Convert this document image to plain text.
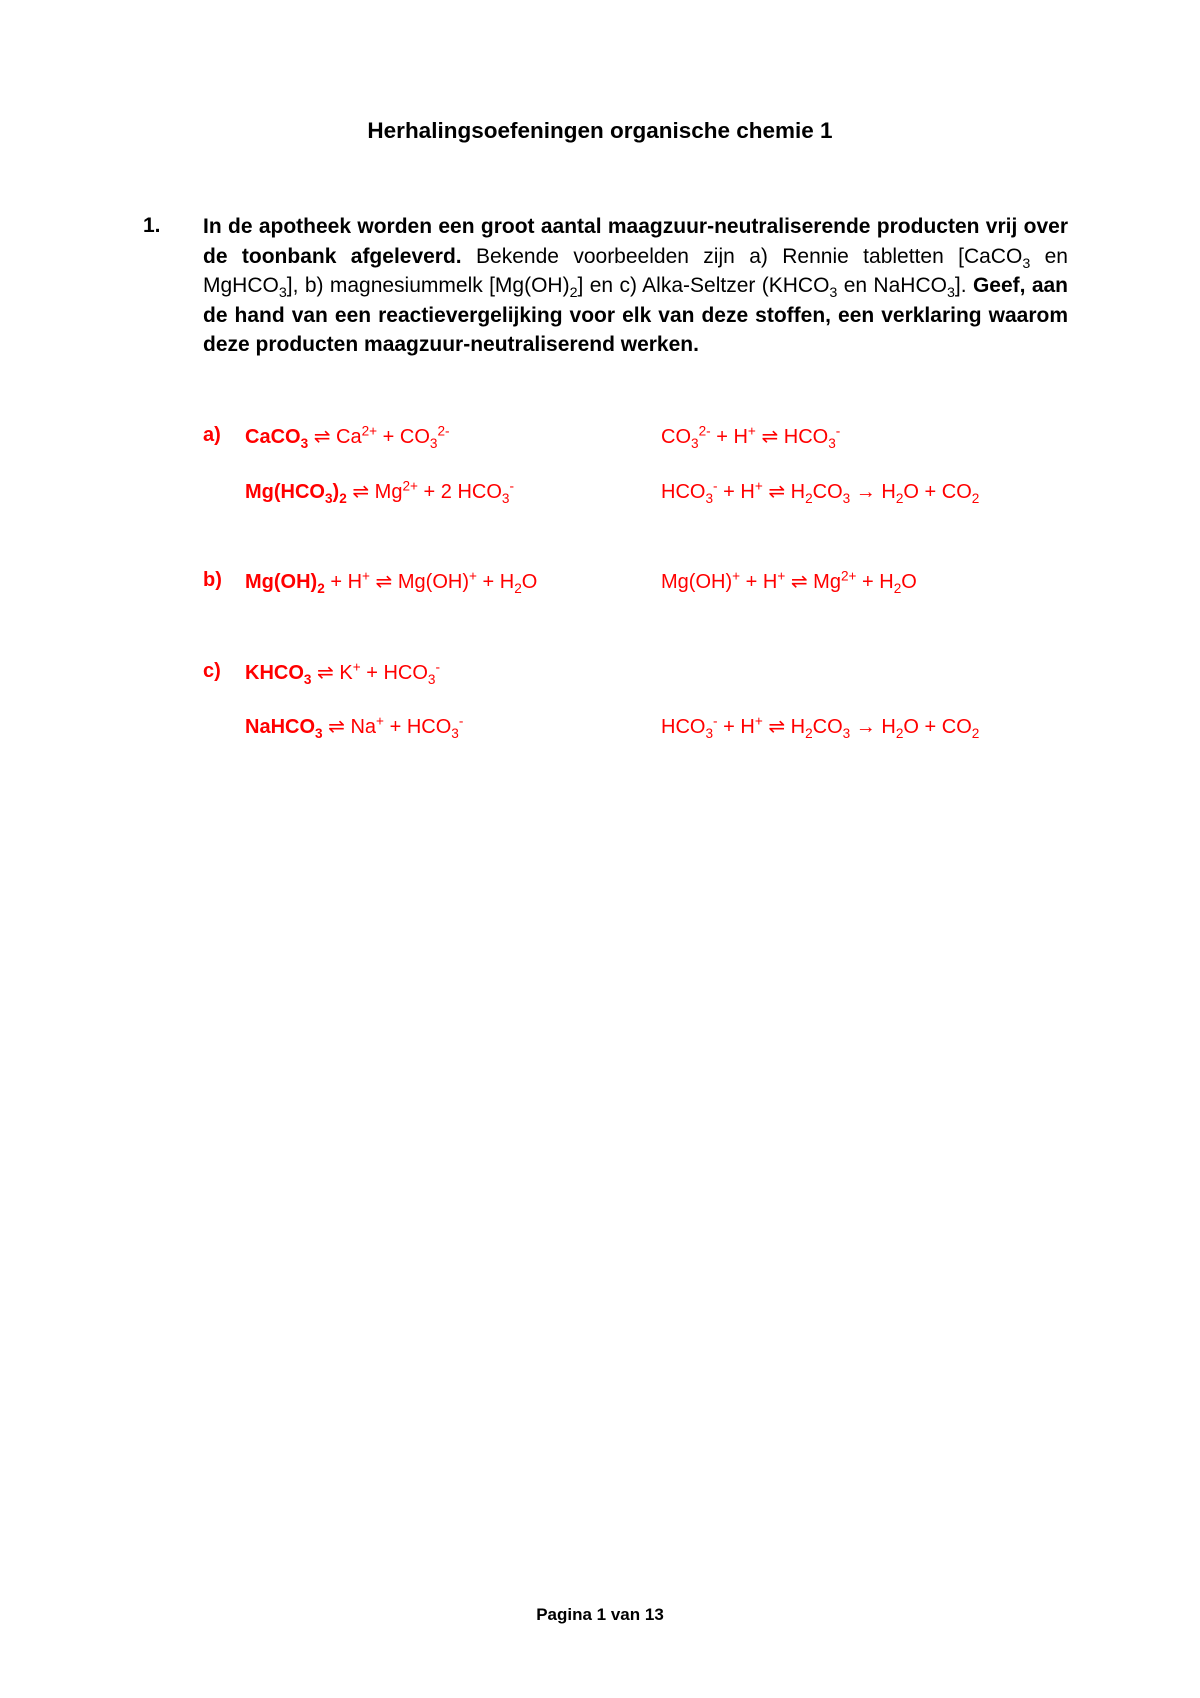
Herhalingsoefeningen organische chemie 1
1. In de apotheek worden een groot aantal maagzuur-neutraliserende producten vrij over de toonbank afgeleverd. Bekende voorbeelden zijn a) Rennie tabletten [CaCO$_3$ en MgHCO$_3$], b) magnesiummelk $[Mg(OH)_2]$ en c) Alka-Seltzer ($KHCO_3$ en NaHCO$_3$]. Geef, aan de hand van een reactievergelijking voor elk van deze stoffen, een verklaring waarom deze producten maagzuur-neutraliserend werken.
a) CaCO$_3$ ⇌ $Ca^{2+} + CO_3^{2-}$	$CO_3^{2-} + H^+$ ⇌ $HCO_3^-$
$Mg(HCO_3)_2$ ⇌ $Mg^{2+} + 2$ $HCO_3^-$	$HCO_3^- + H^+$ ⇌ $H_2CO_3 \to H_2O + CO_2$
b) $Mg(OH)_2 + H^+$ ⇌ $Mg(OH)^+ + H_2O$	Mg(OH)+ + H+ ⇌ $Mg^{2+} + H_2O$
c) $KHCO_3$ ⇌ $K^+ + HCO_3^-$
NaHCO$_3$ ⇌ $Na^+ + HCO_3^-$	$HCO_3^- + H^+$ ⇌ $H_2CO_3 \to H_2O + CO_2$
Pagina 1 van 13
